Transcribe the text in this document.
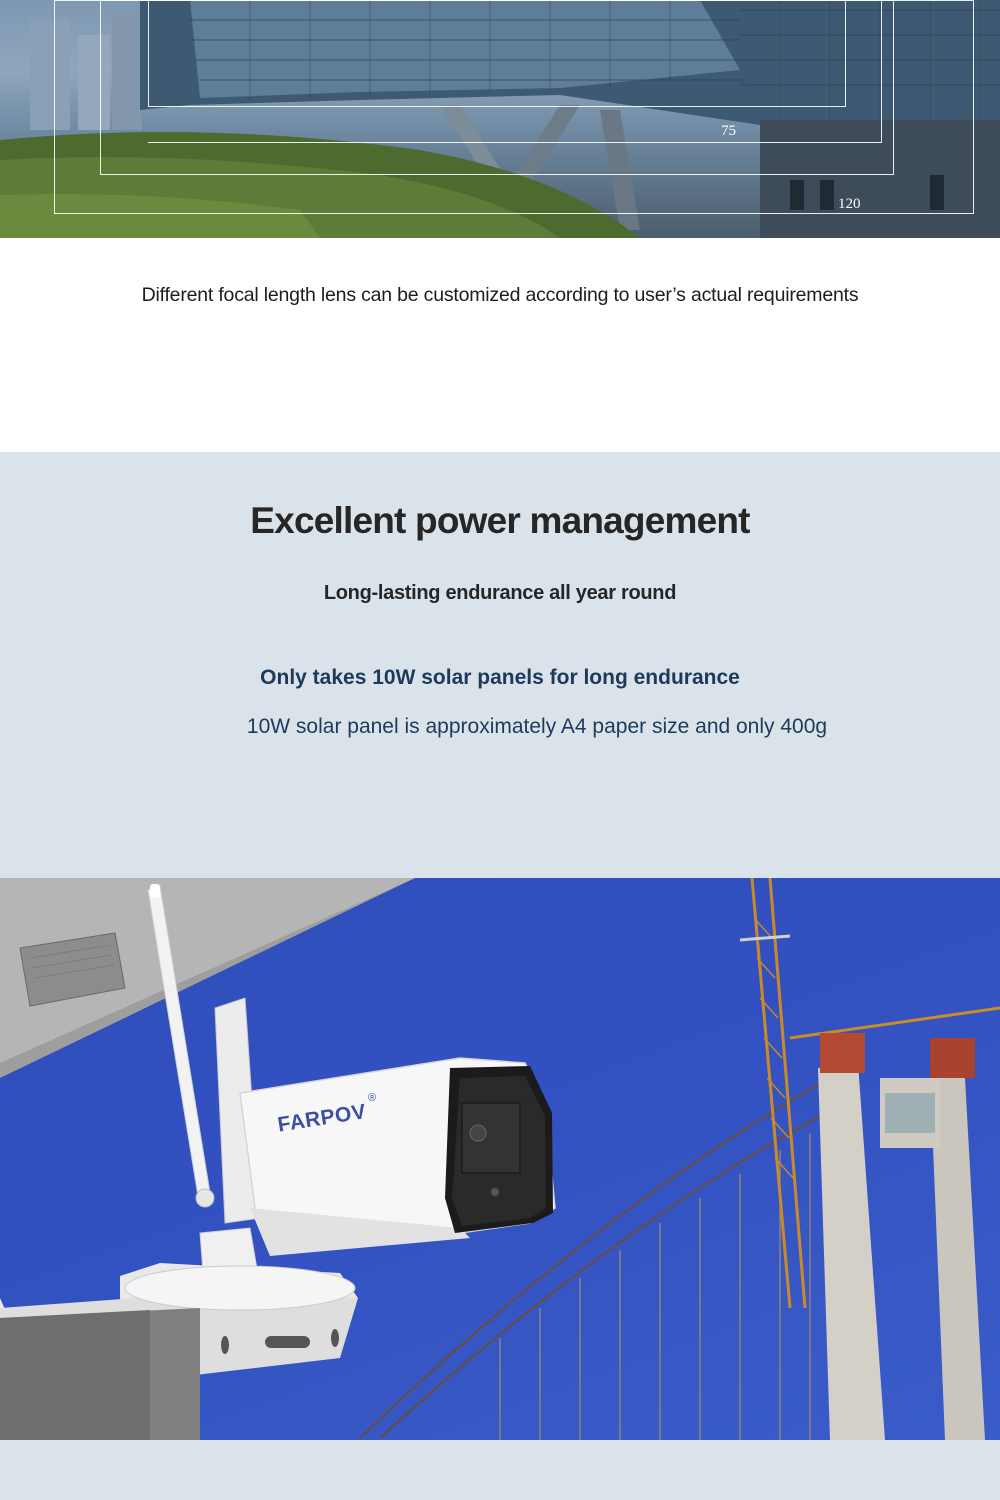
75
120

Different focal length lens can be customized according to user’s actual requirements

Excellent power management

Long-lasting endurance all year round

Only takes 10W solar panels for long endurance

10W solar panel is approximately A4 paper size and only 400g

FARPOV
®
